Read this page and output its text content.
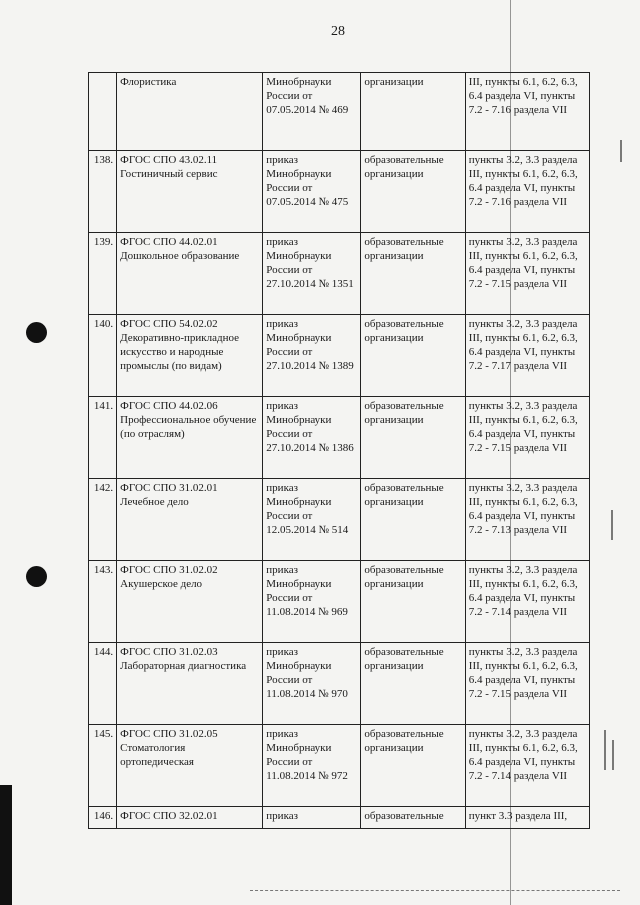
28
	Флористика	Минобрнауки России от 07.05.2014 № 469	организации	III, пункты 6.1, 6.2, 6.3, 6.4 раздела VI, пункты 7.2 - 7.16 раздела VII
138.	ФГОС СПО 43.02.11 Гостиничный сервис	приказ Минобрнауки России от 07.05.2014 № 475	образовательные организации	пункты 3.2, 3.3 раздела III, пункты 6.1, 6.2, 6.3, 6.4 раздела VI, пункты 7.2 - 7.16 раздела VII
139.	ФГОС СПО 44.02.01 Дошкольное образование	приказ Минобрнауки России от 27.10.2014 № 1351	образовательные организации	пункты 3.2, 3.3 раздела III, пункты 6.1, 6.2, 6.3, 6.4 раздела VI, пункты 7.2 - 7.15 раздела VII
140.	ФГОС СПО 54.02.02 Декоративно-прикладное искусство и народные промыслы (по видам)	приказ Минобрнауки России от 27.10.2014 № 1389	образовательные организации	пункты 3.2, 3.3 раздела III, пункты 6.1, 6.2, 6.3, 6.4 раздела VI, пункты 7.2 - 7.17 раздела VII
141.	ФГОС СПО 44.02.06 Профессиональное обучение (по отраслям)	приказ Минобрнауки России от 27.10.2014 № 1386	образовательные организации	пункты 3.2, 3.3 раздела III, пункты 6.1, 6.2, 6.3, 6.4 раздела VI, пункты 7.2 - 7.15 раздела VII
142.	ФГОС СПО 31.02.01 Лечебное дело	приказ Минобрнауки России от 12.05.2014 № 514	образовательные организации	пункты 3.2, 3.3 раздела III, пункты 6.1, 6.2, 6.3, 6.4 раздела VI, пункты 7.2 - 7.13 раздела VII
143.	ФГОС СПО 31.02.02 Акушерское дело	приказ Минобрнауки России от 11.08.2014 № 969	образовательные организации	пункты 3.2, 3.3 раздела III, пункты 6.1, 6.2, 6.3, 6.4 раздела VI, пункты 7.2 - 7.14 раздела VII
144.	ФГОС СПО 31.02.03 Лабораторная диагностика	приказ Минобрнауки России от 11.08.2014 № 970	образовательные организации	пункты 3.2, 3.3 раздела III, пункты 6.1, 6.2, 6.3, 6.4 раздела VI, пункты 7.2 - 7.15 раздела VII
145.	ФГОС СПО 31.02.05 Стоматология ортопедическая	приказ Минобрнауки России от 11.08.2014 № 972	образовательные организации	пункты 3.2, 3.3 раздела III, пункты 6.1, 6.2, 6.3, 6.4 раздела VI, пункты 7.2 - 7.14 раздела VII
146.	ФГОС СПО 32.02.01	приказ	образовательные	пункт 3.3 раздела III,
